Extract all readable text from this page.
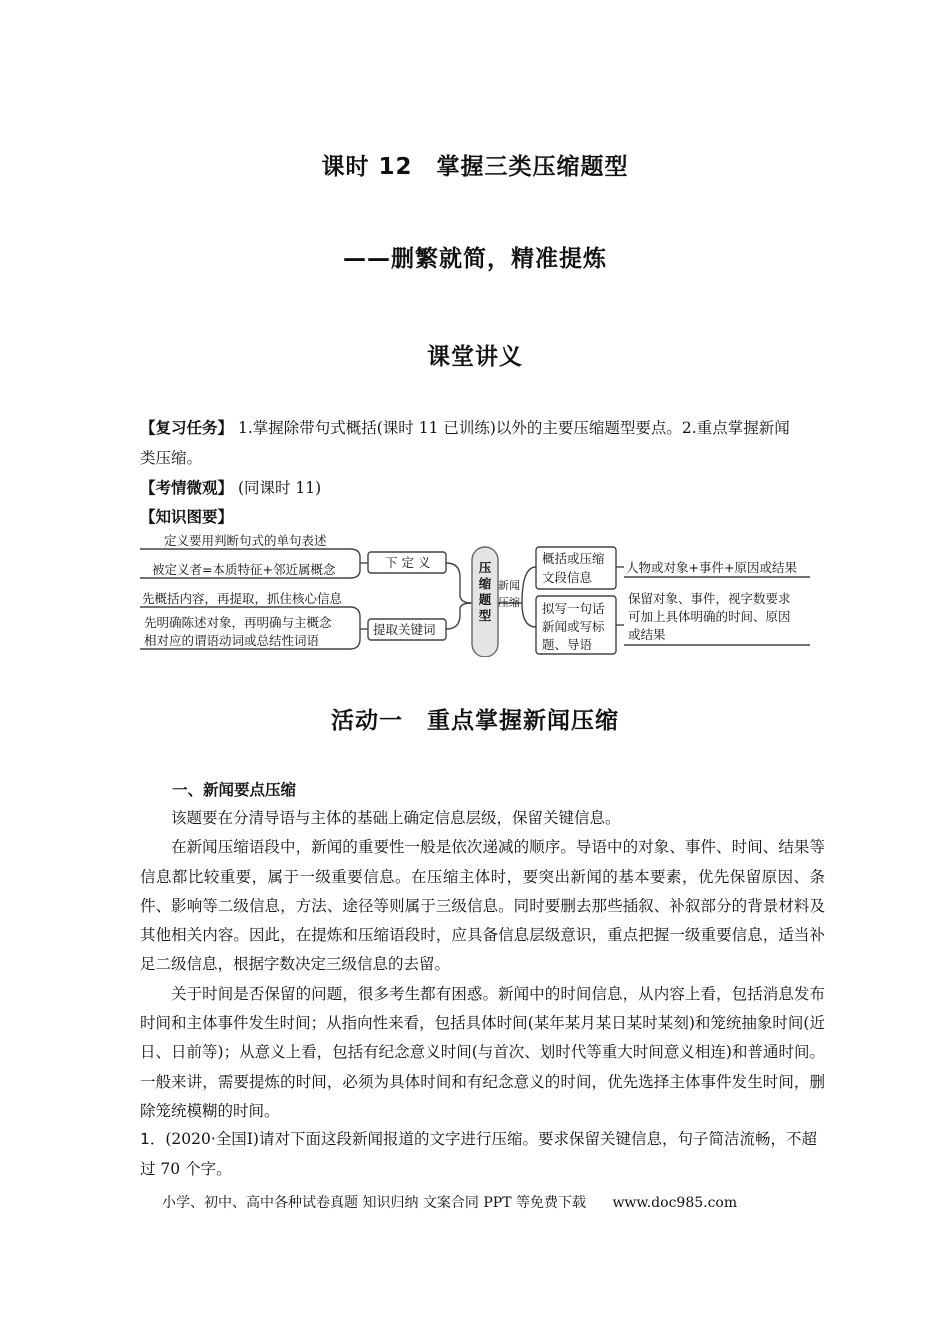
课时 12　掌握三类压缩题型
——删繁就简，精准提炼
课堂讲义
【复习任务】 1.掌握除带句式概括(课时 11 已训练)以外的主要压缩题型要点。2.重点掌握新闻
类压缩。
【考情微观】 (同课时 11)
【知识图要】
定义要用判断句式的单句表述
被定义者=本质特征+邻近属概念
先概括内容，再提取，抓住核心信息
先明确陈述对象，再明确与主概念
相对应的谓语动词或总结性词语
下 定 义
提取关键词
压
缩
题
型
新闻
压缩
概括或压缩
文段信息
人物或对象+事件+原因或结果
拟写一句话
新闻或写标
题、导语
保留对象、事件，视字数要求
可加上具体明确的时间、原因
或结果
活动一　重点掌握新闻压缩
一、新闻要点压缩

该题要在分清导语与主体的基础上确定信息层级，保留关键信息。

在新闻压缩语段中，新闻的重要性一般是依次递减的顺序。导语中的对象、事件、时间、结果等信息都比较重要，属于一级重要信息。在压缩主体时，要突出新闻的基本要素，优先保留原因、条件、影响等二级信息，方法、途径等则属于三级信息。同时要删去那些插叙、补叙部分的背景材料及其他相关内容。因此，在提炼和压缩语段时，应具备信息层级意识，重点把握一级重要信息，适当补足二级信息，根据字数决定三级信息的去留。

关于时间是否保留的问题，很多考生都有困惑。新闻中的时间信息，从内容上看，包括消息发布时间和主体事件发生时间；从指向性来看，包括具体时间(某年某月某日某时某刻)和笼统抽象时间(近日、日前等)；从意义上看，包括有纪念意义时间(与首次、划时代等重大时间意义相连)和普通时间。一般来讲，需要提炼的时间，必须为具体时间和有纪念意义的时间，优先选择主体事件发生时间，删除笼统模糊的时间。

1．(2020·全国Ⅰ)请对下面这段新闻报道的文字进行压缩。要求保留关键信息，句子简洁流畅，不超过 70 个字。
小学、初中、高中各种试卷真题 知识归纳 文案合同 PPT 等免费下载 www.doc985.com
